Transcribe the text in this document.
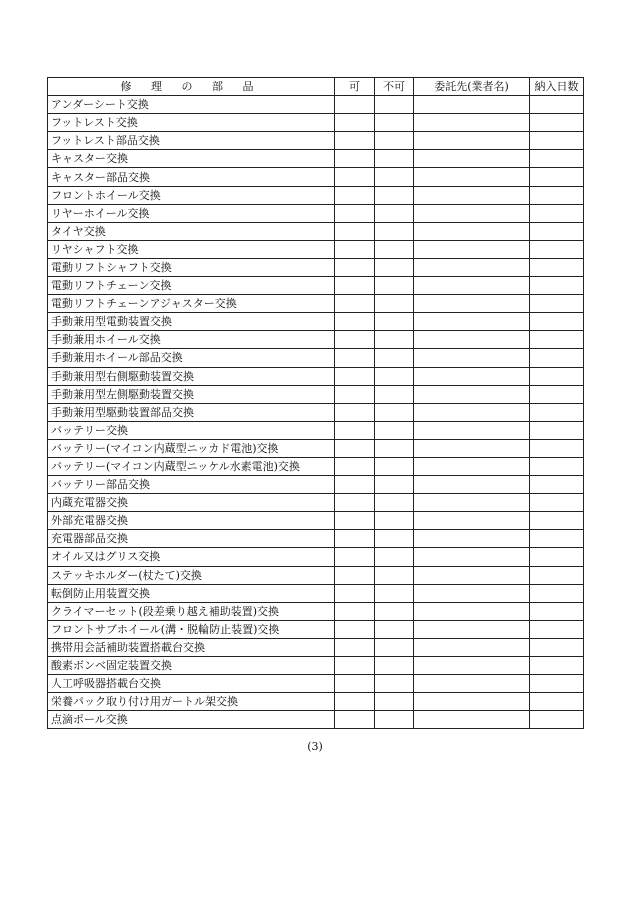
修 理 の 部 品	可	不可	委託先(業者名)	納入日数
アンダーシート交換				
フットレスト交換				
フットレスト部品交換				
キャスター交換				
キャスター部品交換				
フロントホイール交換				
リヤーホイール交換				
タイヤ交換				
リヤシャフト交換				
電動リフトシャフト交換				
電動リフトチェーン交換				
電動リフトチェーンアジャスター交換				
手動兼用型電動装置交換				
手動兼用ホイール交換				
手動兼用ホイール部品交換				
手動兼用型右側駆動装置交換				
手動兼用型左側駆動装置交換				
手動兼用型駆動装置部品交換				
バッテリー交換				
バッテリー(マイコン内蔵型ニッカド電池)交換				
バッテリー(マイコン内蔵型ニッケル水素電池)交換				
バッテリー部品交換				
内蔵充電器交換				
外部充電器交換				
充電器部品交換				
オイル又はグリス交換				
ステッキホルダー(杖たて)交換				
転倒防止用装置交換				
クライマーセット(段差乗り越え補助装置)交換				
フロントサブホイール(溝・脱輪防止装置)交換				
携帯用会話補助装置搭載台交換				
酸素ボンベ固定装置交換				
人工呼吸器搭載台交換				
栄養パック取り付け用ガートル架交換				
点滴ポール交換				
(3)
